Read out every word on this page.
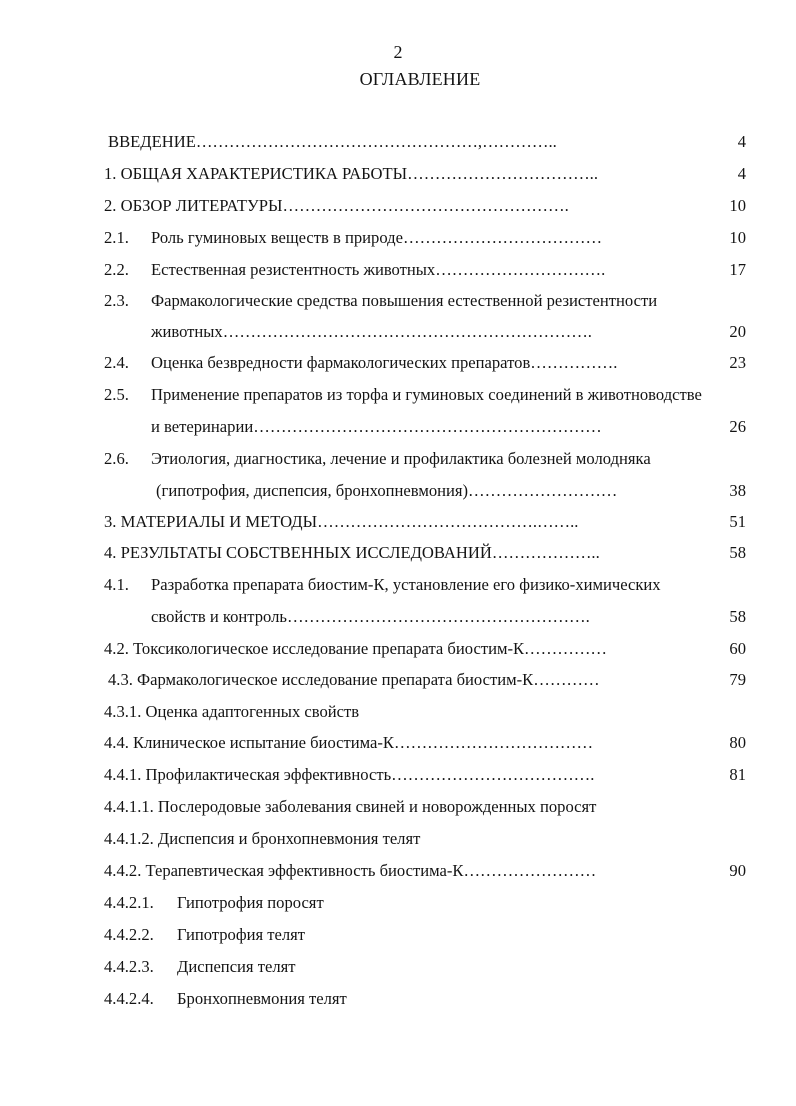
2
ОГЛАВЛЕНИЕ
ВВЕДЕНИЕ……………………………………………,…………..	4
1. ОБЩАЯ ХАРАКТЕРИСТИКА РАБОТЫ……………………………..	4
2. ОБЗОР ЛИТЕРАТУРЫ…………………………………………….	10
2.1. Роль гуминовых веществ в природе………………………………	10
2.2. Естественная резистентность животных………………………….	17
2.3. Фармакологические средства повышения естественной резистентности
животных………………………………………………………….	20
2.4. Оценка безвредности фармакологических препаратов…………….	23
2.5. Применение препаратов из торфа и гуминовых соединений в животноводстве
и ветеринарии………………………………………………………	26
2.6. Этиология, диагностика, лечение и профилактика болезней молодняка
(гипотрофия, диспепсия, бронхопневмония)………………………	38
3. МАТЕРИАЛЫ И МЕТОДЫ………………………………….……..	51
4. РЕЗУЛЬТАТЫ СОБСТВЕННЫХ ИССЛЕДОВАНИЙ………………..	58
4.1. Разработка препарата биостим-К, установление его физико-химических
свойств и контроль……………………………………………….	58
4.2. Токсикологическое исследование препарата биостим-К……………	60
4.3. Фармакологическое исследование препарата биостим-К…………	79
4.3.1. Оценка адаптогенных свойств
4.4. Клиническое испытание биостима-К………………………………	80
4.4.1. Профилактическая эффективность……………………………….	81
4.4.1.1. Послеродовые заболевания свиней и новорожденных поросят
4.4.1.2. Диспепсия и бронхопневмония телят
4.4.2. Терапевтическая эффективность биостима-К……………………	90
4.4.2.1. Гипотрофия поросят
4.4.2.2. Гипотрофия телят
4.4.2.3. Диспепсия телят
4.4.2.4. Бронхопневмония телят
